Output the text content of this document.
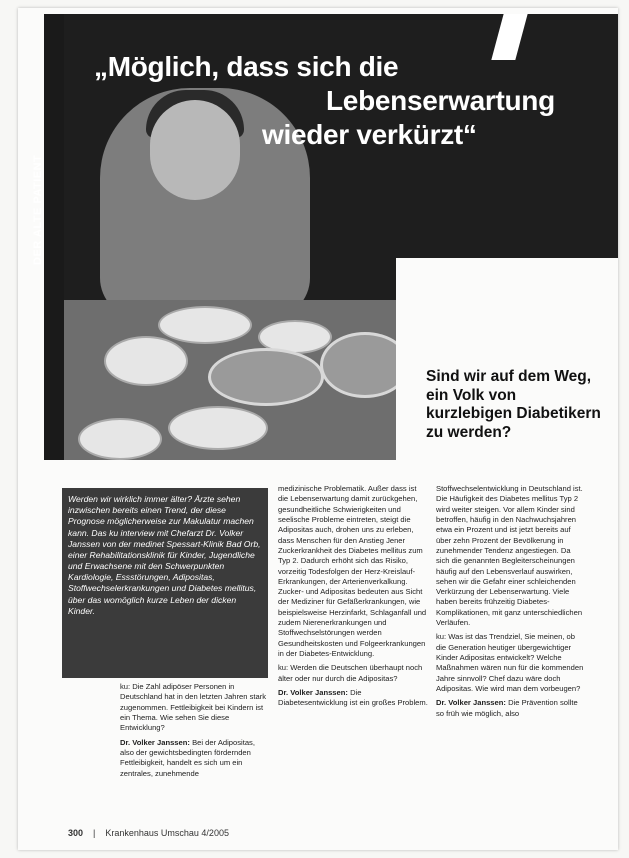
DER ALTE PATIENT
„Möglich, dass sich die
Lebenserwartung
wieder verkürzt“
Sind wir auf dem Weg, ein Volk von kurzlebigen Diabetikern zu werden?
Werden wir wirklich immer älter? Ärzte sehen inzwischen bereits einen Trend, der diese Prognose möglicherweise zur Makulatur machen kann. Das ku interview mit Chefarzt Dr. Volker Janssen von der medinet Spessart-Klinik Bad Orb, einer Rehabilitationsklinik für Kinder, Jugendliche und Erwachsene mit den Schwerpunkten Kardiologie, Essstörungen, Adipositas, Stoffwechselerkrankungen und Diabetes mellitus, über das womöglich kurze Leben der dicken Kinder.

ku: Die Zahl adipöser Personen in Deutschland hat in den letzten Jahren stark zugenommen. Fettleibigkeit bei Kindern ist ein Thema. Wie sehen Sie diese Entwicklung?

Dr. Volker Janssen: Bei der Adipositas, also der gewichtsbedingten fördernden Fettleibigkeit, handelt es sich um ein zentrales, zunehmende

medizinische Problematik. Außer dass ist die Lebenserwartung damit zurückgehen, gesundheitliche Schwierigkeiten und seelische Probleme eintreten, steigt die Adipositas auch, drohen uns zu erleben, dass Menschen für den Anstieg Jener Zuckerkrankheit des Diabetes mellitus zum Typ 2. Dadurch erhöht sich das Risiko, vorzeitig Todesfolgen der Herz-Kreislauf-Erkrankungen, der Arterienverkalkung. Zucker- und Adipositas bedeuten aus Sicht der Mediziner für Gefäßerkrankungen, wie beispielsweise Herzinfarkt, Schlaganfall und zudem Nierenerkrankungen und Stoffwechselstörungen werden Gesundheitskosten und Folgeerkrankungen in der Diabetes-Entwicklung.

ku: Werden die Deutschen überhaupt noch älter oder nur durch die Adipositas?

Dr. Volker Janssen: Die Diabetesentwicklung ist ein großes Problem.

Stoffwechselentwicklung in Deutschland ist. Die Häufigkeit des Diabetes mellitus Typ 2 wird weiter steigen. Vor allem Kinder sind betroffen, häufig in den Nachwuchsjahren etwa ein Prozent und ist jetzt bereits auf über zehn Prozent der Bevölkerung in zunehmender Tendenz angestiegen. Da sich die genannten Begleiterscheinungen häufig auf den Lebensverlauf auswirken, sehen wir die Gefahr einer schleichenden Verkürzung der Lebenserwartung. Viele haben bereits frühzeitig Diabetes-Komplikationen, mit ganz unterschiedlichen Verläufen.

ku: Was ist das Trendziel, Sie meinen, ob die Generation heutiger übergewichtiger Kinder Adipositas entwickelt? Welche Maßnahmen wären nun für die kommenden Jahre sinnvoll? Chef dazu wäre doch Adipositas. Wie wird man dem vorbeugen?

Dr. Volker Janssen: Die Prävention sollte so früh wie möglich, also

300 | Krankenhaus Umschau 4/2005
